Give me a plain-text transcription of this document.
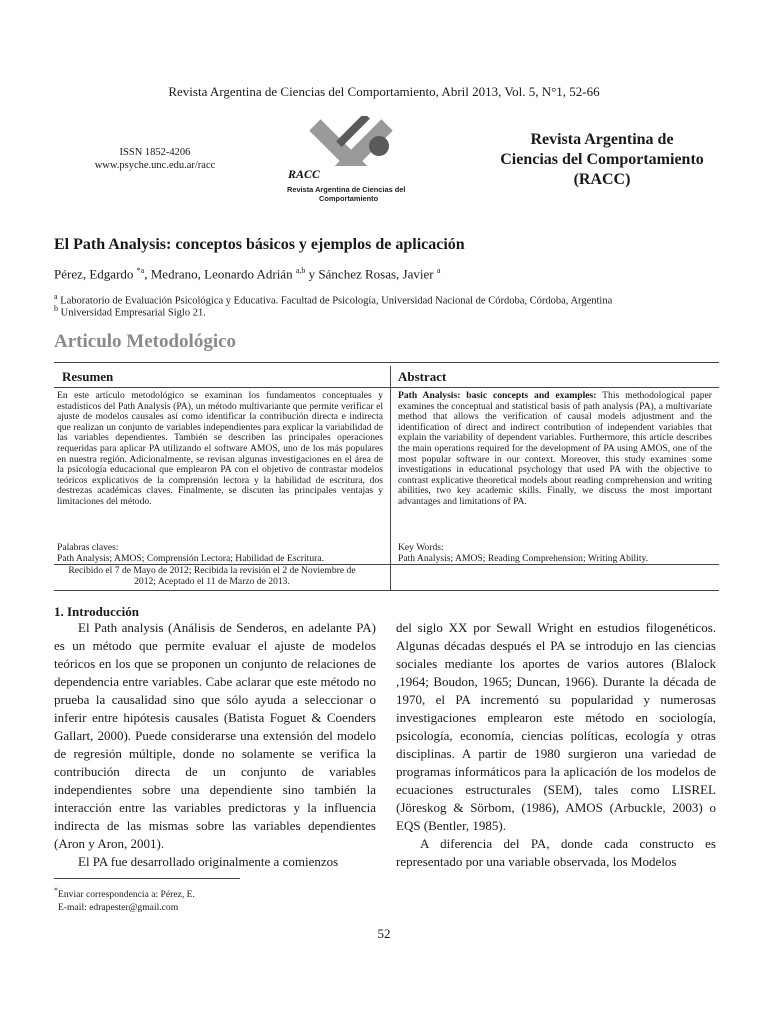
Revista Argentina de Ciencias del Comportamiento, Abril 2013, Vol. 5, N°1, 52-66
ISSN 1852-4206
www.psyche.unc.edu.ar/racc
RACC
Revista Argentina de Ciencias del
Comportamiento
Revista Argentina de
Ciencias del Comportamiento
(RACC)
El Path Analysis: conceptos básicos y ejemplos de aplicación
Pérez, Edgardo $^{*a}$, Medrano, Leonardo Adrián $^{a,b}$ y Sánchez Rosas, Javier $^a$
$^a$ Laboratorio de Evaluación Psicológica y Educativa. Facultad de Psicología, Universidad Nacional de Córdoba, Córdoba, Argentina
$^b$ Universidad Empresarial Siglo 21.
Articulo Metodológico
Resumen	Abstract
En este artículo metodológico se examinan los fundamentos conceptuales y estadísticos del Path Analysis (PA), un método multivariante que permite verificar el ajuste de modelos causales así como identificar la contribución directa e indirecta que realizan un conjunto de variables independientes para explicar la variabilidad de las variables dependientes. También se describen las principales operaciones requeridas para aplicar PA utilizando el software AMOS, uno de los más populares en nuestra región. Adicionalmente, se revisan algunas investigaciones en el área de la psicología educacional que emplearon PA con el objetivo de contrastar modelos teóricos explicativos de la comprensión lectora y la habilidad de escritura, dos destrezas académicas claves. Finalmente, se discuten las principales ventajas y limitaciones del método.
Path Analysis: basic concepts and examples: This methodological paper examines the conceptual and statistical basis of path analysis (PA), a multivariate method that allows the verification of causal models adjustment and the identification of direct and indirect contribution of independent variables that explain the variability of dependent variables. Furthermore, this article describes the main operations required for the development of PA using AMOS, one of the most popular software in our context. Moreover, this study examines some investigations in educational psychology that used PA with the objective to contrast explicative theoretical models about reading comprehension and writing abilities, two key academic skills. Finally, we discuss the most important advantages and limitations of PA.
Palabras claves:
Path Analysis; AMOS; Comprensión Lectora; Habilidad de Escritura.
Key Words:
Path Analysis; AMOS; Reading Comprehension; Writing Ability.
Recibido el 7 de Mayo de 2012; Recibida la revisión el 2 de Noviembre de 2012; Aceptado el 11 de Marzo de 2013.
1. Introducción

El Path analysis (Análisis de Senderos, en adelante PA) es un método que permite evaluar el ajuste de modelos teóricos en los que se proponen un conjunto de relaciones de dependencia entre variables. Cabe aclarar que este método no prueba la causalidad sino que sólo ayuda a seleccionar o inferir entre hipótesis causales (Batista Foguet & Coenders Gallart, 2000). Puede considerarse una extensión del modelo de regresión múltiple, donde no solamente se verifica la contribución directa de un conjunto de variables independientes sobre una dependiente sino también la interacción entre las variables predictoras y la influencia indirecta de las mismas sobre las variables dependientes (Aron y Aron, 2001).

El PA fue desarrollado originalmente a comienzos

del siglo XX por Sewall Wright en estudios filogenéticos. Algunas décadas después el PA se introdujo en las ciencias sociales mediante los aportes de varios autores (Blalock ,1964; Boudon, 1965; Duncan, 1966). Durante la década de 1970, el PA incrementó su popularidad y numerosas investigaciones emplearon este método en sociología, psicología, economía, ciencias políticas, ecología y otras disciplinas. A partir de 1980 surgieron una variedad de programas informáticos para la aplicación de los modelos de ecuaciones estructurales (SEM), tales como LISREL (Jöreskog & Sörbom, (1986), AMOS (Arbuckle, 2003) o EQS (Bentler, 1985).

A diferencia del PA, donde cada constructo es representado por una variable observada, los Modelos

*Enviar correspondencia a: Pérez, E.
E-mail: edrapester@gmail.com
52
